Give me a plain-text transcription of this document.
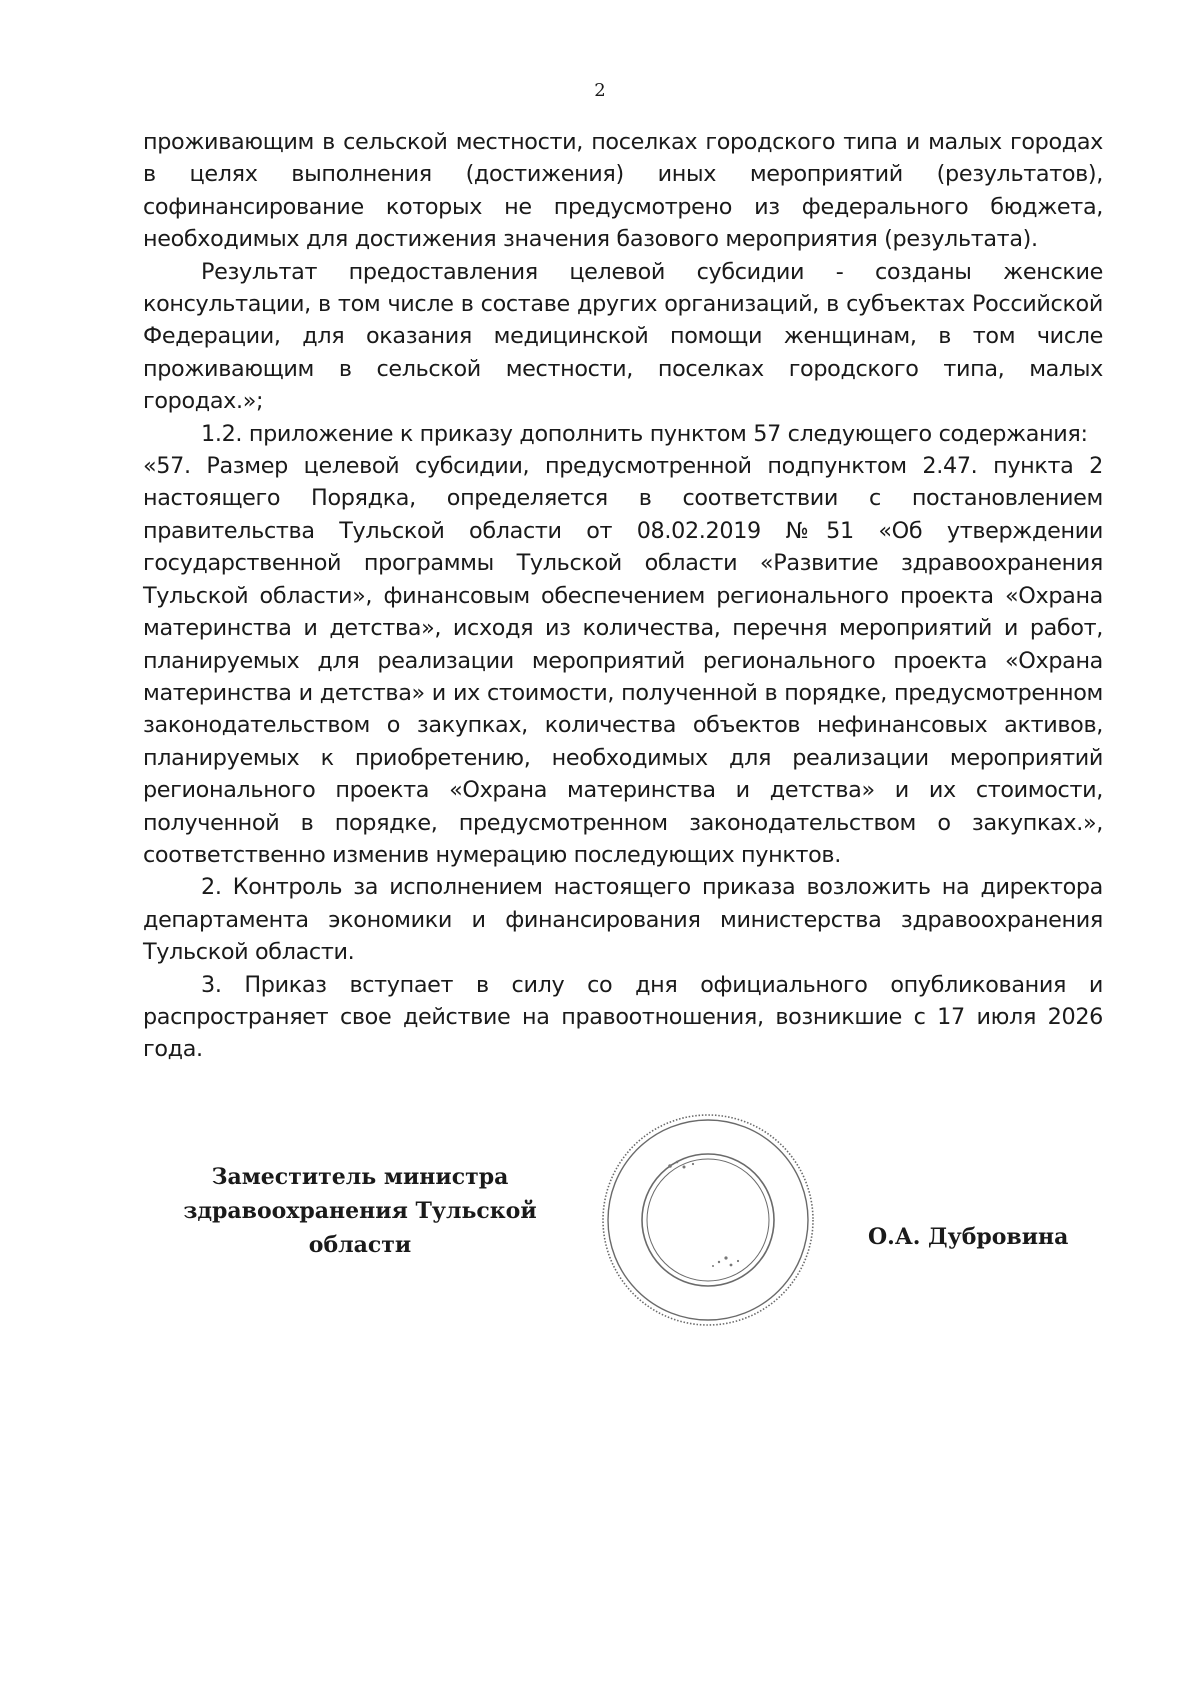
2

проживающим в сельской местности, поселках городского типа и малых городах в целях выполнения (достижения) иных мероприятий (результатов), софинансирование которых не предусмотрено из федерального бюджета, необходимых для достижения значения базового мероприятия (результата).

Результат предоставления целевой субсидии - созданы женские консультации, в том числе в составе других организаций, в субъектах Российской Федерации, для оказания медицинской помощи женщинам, в том числе проживающим в сельской местности, поселках городского типа, малых городах.»;

1.2. приложение к приказу дополнить пунктом 57 следующего содержания:

«57. Размер целевой субсидии, предусмотренной подпунктом 2.47. пункта 2 настоящего Порядка, определяется в соответствии с постановлением правительства Тульской области от 08.02.2019 №51 «Об утверждении государственной программы Тульской области «Развитие здравоохранения Тульской области», финансовым обеспечением регионального проекта «Охрана материнства и детства», исходя из количества, перечня мероприятий и работ, планируемых для реализации мероприятий регионального проекта «Охрана материнства и детства» и их стоимости, полученной в порядке, предусмотренном законодательством о закупках, количества объектов нефинансовых активов, планируемых к приобретению, необходимых для реализации мероприятий регионального проекта «Охрана материнства и детства» и их стоимости, полученной в порядке, предусмотренном законодательством о закупках.», соответственно изменив нумерацию последующих пунктов.

2. Контроль за исполнением настоящего приказа возложить на директора департамента экономики и финансирования министерства здравоохранения Тульской области.

3. Приказ вступает в силу со дня официального опубликования и распространяет свое действие на правоотношения, возникшие с 17 июля 2026 года.

Заместитель министра
здравоохранения Тульской
области	О.А. Дубровина
